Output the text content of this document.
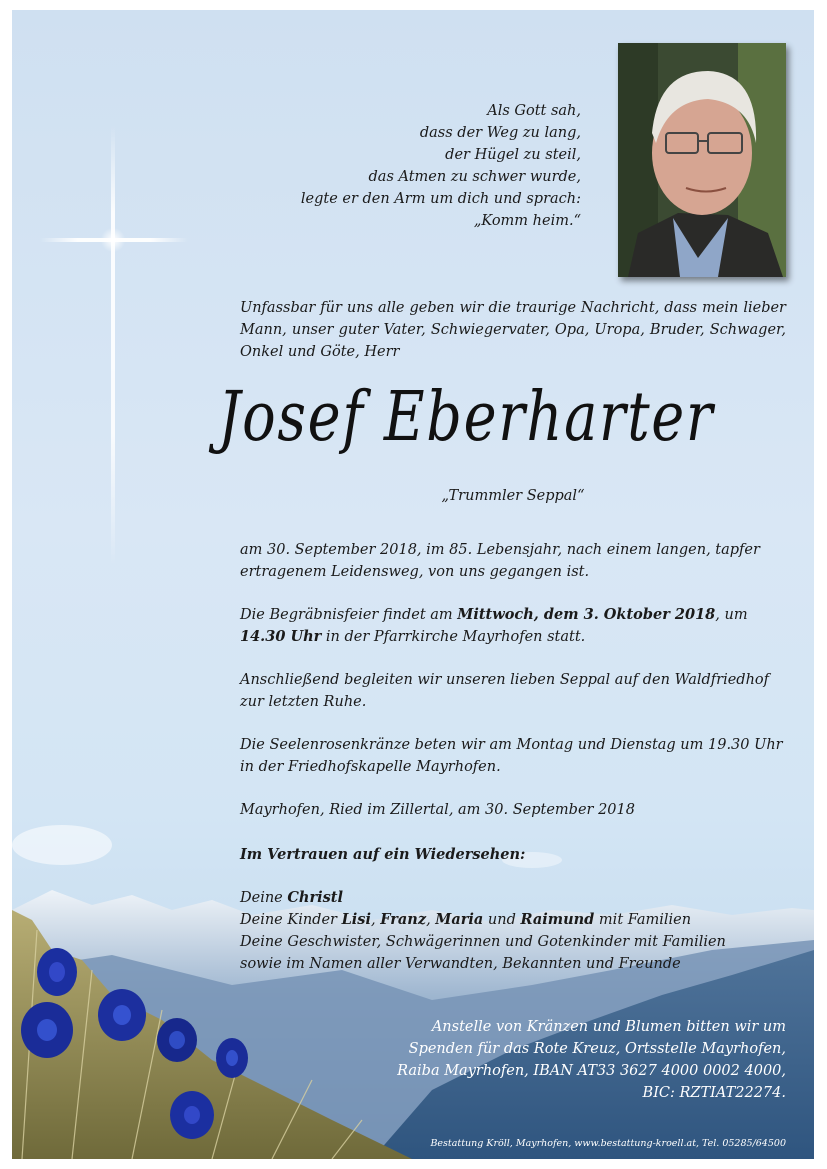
Als Gott sah,
dass der Weg zu lang,
der Hügel zu steil,
das Atmen zu schwer wurde,
legte er den Arm um dich und sprach:
„Komm heim.“
Unfassbar für uns alle geben wir die traurige Nachricht, dass mein lieber Mann, unser guter Vater, Schwiegervater, Opa, Uropa, Bruder, Schwager, Onkel und Göte, Herr
Josef Eberharter
„Trummler Seppal“
am 30. September 2018, im 85. Lebensjahr, nach einem langen, tapfer ertragenem Leidensweg, von uns gegangen ist.
Die Begräbnisfeier findet am Mittwoch, dem 3. Oktober 2018, um 14.30 Uhr in der Pfarrkirche Mayrhofen statt.
Anschließend begleiten wir unseren lieben Seppal auf den Waldfriedhof zur letzten Ruhe.
Die Seelenrosenkränze beten wir am Montag und Dienstag um 19.30 Uhr in der Friedhofskapelle Mayrhofen.
Mayrhofen, Ried im Zillertal, am 30. September 2018
Im Vertrauen auf ein Wiedersehen:
Deine Christl
Deine Kinder Lisi, Franz, Maria und Raimund mit Familien
Deine Geschwister, Schwägerinnen und Gotenkinder mit Familien
sowie im Namen aller Verwandten, Bekannten und Freunde
Anstelle von Kränzen und Blumen bitten wir um
Spenden für das Rote Kreuz, Ortsstelle Mayrhofen,
Raiba Mayrhofen, IBAN AT33 3627 4000 0002 4000,
BIC: RZTIAT22274.
Bestattung Kröll, Mayrhofen, www.bestattung-kroell.at, Tel. 05285/64500
